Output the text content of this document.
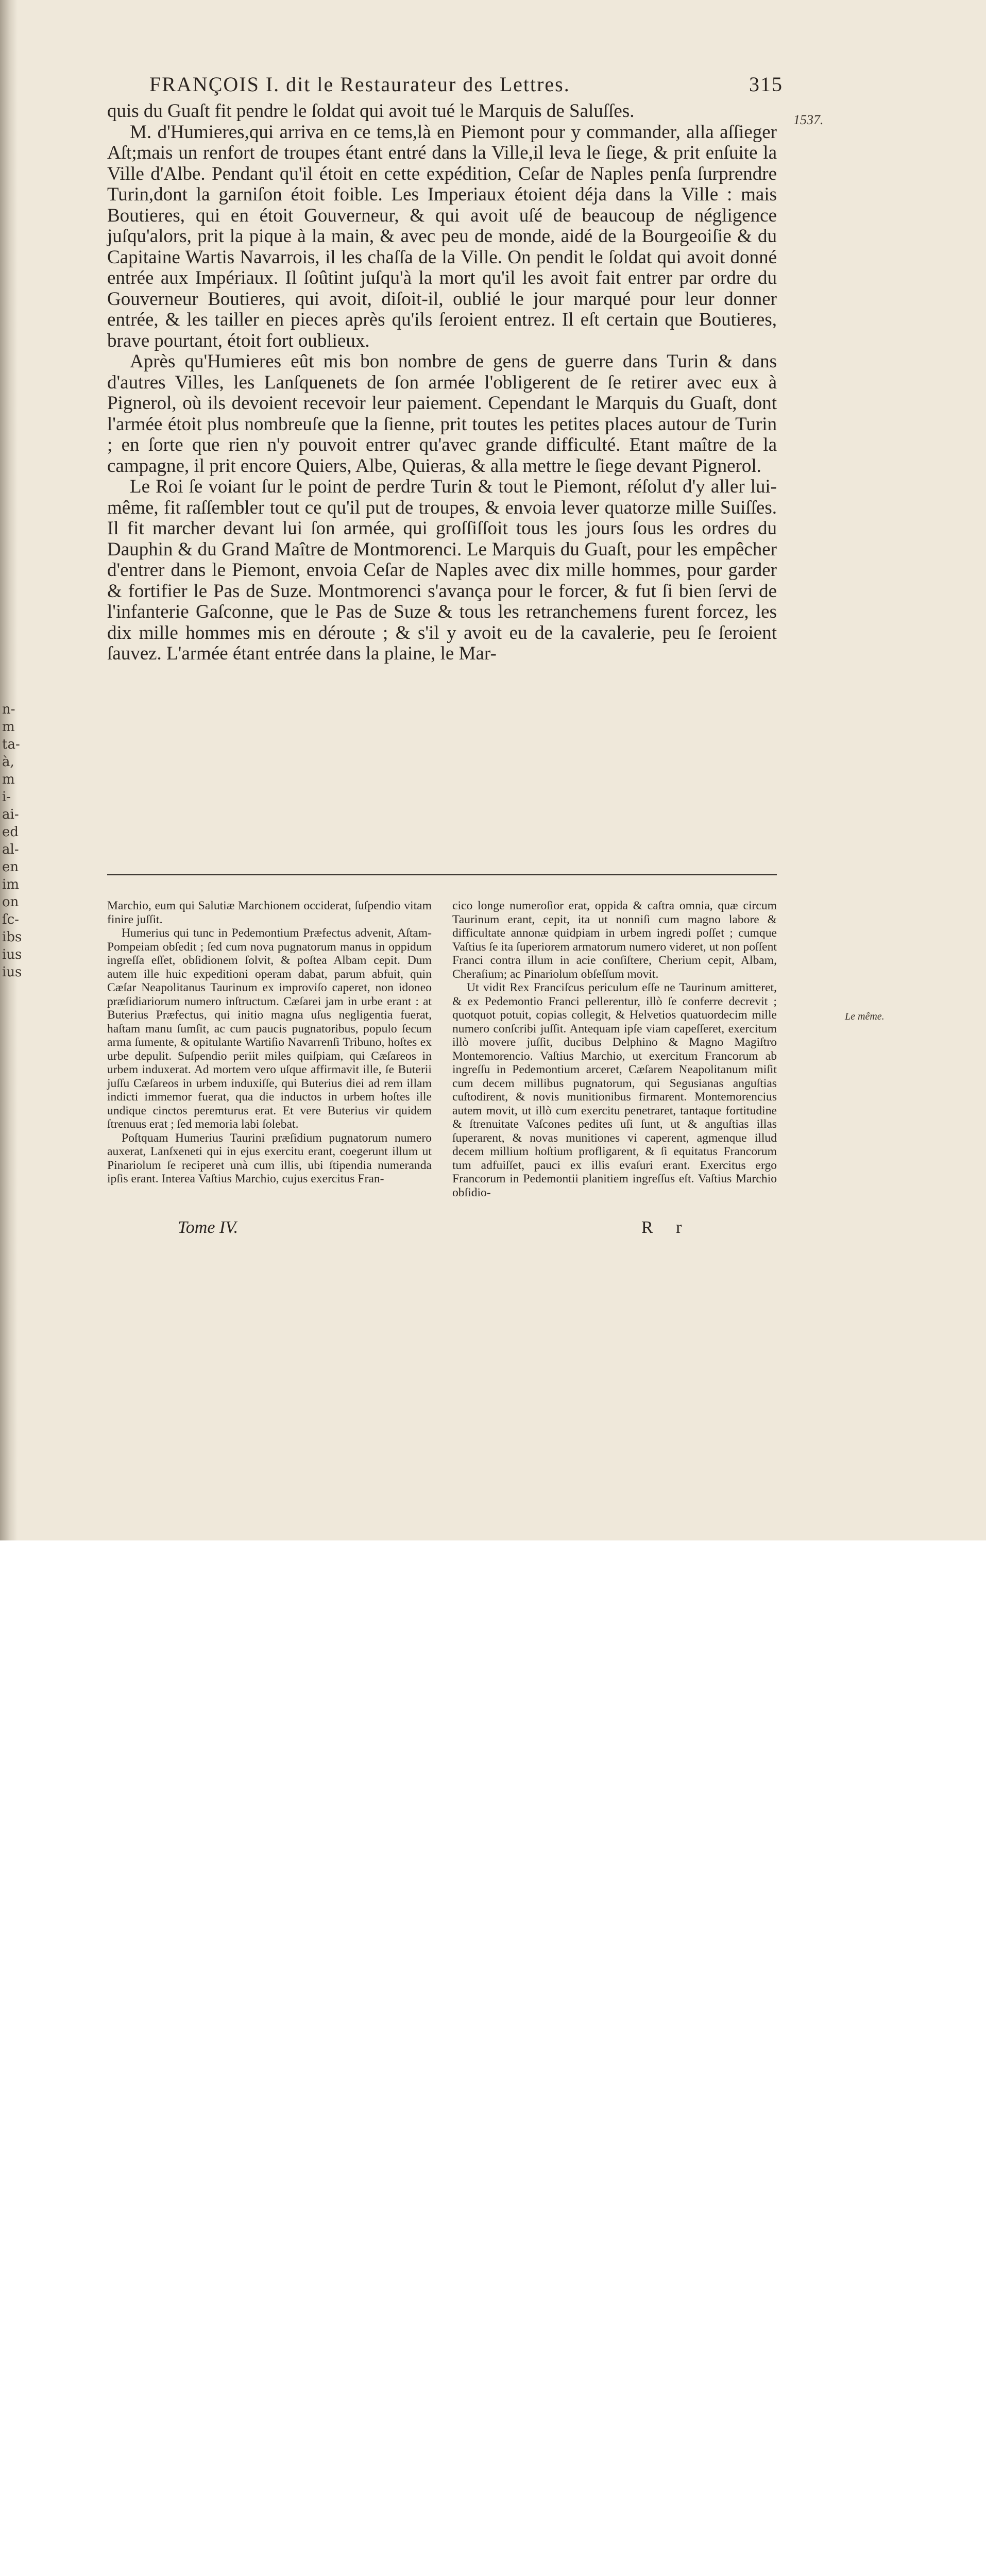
n-
m
ta-
à,
m
i-
ai-
ed
al-
en
im
on
ſc-
ibs
ius
ius
FRANÇOIS I. dit le Restaurateur des Lettres.	315
1537.

quis du Guaſt fit pendre le ſoldat qui avoit tué le Marquis de Saluſſes.

M. d'Humieres,qui arriva en ce tems,là en Piemont pour y commander, alla aſſieger Aſt;mais un renfort de troupes étant entré dans la Ville,il leva le ſiege, & prit enſuite la Ville d'Albe. Pendant qu'il étoit en cette expédition, Ceſar de Naples penſa ſurprendre Turin,dont la garniſon étoit foible. Les Imperiaux étoient déja dans la Ville : mais Boutieres, qui en étoit Gouverneur, & qui avoit uſé de beaucoup de négligence juſqu'alors, prit la pique à la main, & avec peu de monde, aidé de la Bourgeoiſie & du Capitaine Wartis Navarrois, il les chaſſa de la Ville. On pendit le ſoldat qui avoit donné entrée aux Impériaux. Il ſoûtint juſqu'à la mort qu'il les avoit fait entrer par ordre du Gouverneur Boutieres, qui avoit, diſoit-il, oublié le jour marqué pour leur donner entrée, & les tailler en pieces après qu'ils ſeroient entrez. Il eſt certain que Boutieres, brave pourtant, étoit fort oublieux.

Après qu'Humieres eût mis bon nombre de gens de guerre dans Turin & dans d'autres Villes, les Lanſquenets de ſon armée l'obligerent de ſe retirer avec eux à Pignerol, où ils devoient recevoir leur paiement. Cependant le Marquis du Guaſt, dont l'armée étoit plus nombreuſe que la ſienne, prit toutes les petites places autour de Turin ; en ſorte que rien n'y pouvoit entrer qu'avec grande difficulté. Etant maître de la campagne, il prit encore Quiers, Albe, Quieras, & alla mettre le ſiege devant Pignerol.

Le Roi ſe voiant ſur le point de perdre Turin & tout le Piemont, réſolut d'y aller lui-même, fit raſſembler tout ce qu'il put de troupes, & envoia lever quatorze mille Suiſſes. Il fit marcher devant lui ſon armée, qui groſſiſſoit tous les jours ſous les ordres du Dauphin & du Grand Maître de Montmorenci. Le Marquis du Guaſt, pour les empêcher d'entrer dans le Piemont, envoia Ceſar de Naples avec dix mille hommes, pour garder & fortifier le Pas de Suze. Montmorenci s'avança pour le forcer, & fut ſi bien ſervi de l'infanterie Gaſconne, que le Pas de Suze & tous les retranchemens furent forcez, les dix mille hommes mis en déroute ; & s'il y avoit eu de la cavalerie, peu ſe ſeroient ſauvez. L'armée étant entrée dans la plaine, le Mar-

Marchio, eum qui Salutiæ Marchionem occiderat, ſuſpendio vitam finire juſſit.

Humerius qui tunc in Pedemontium Præfectus advenit, Aſtam-Pompeiam obſedit ; ſed cum nova pugnatorum manus in oppidum ingreſſa eſſet, obſidionem ſolvit, & poſtea Albam cepit. Dum autem ille huic expeditioni operam dabat, parum abfuit, quin Cæſar Neapolitanus Taurinum ex improviſo caperet, non idoneo præſidiariorum numero inſtructum. Cæſarei jam in urbe erant : at Buterius Præfectus, qui initio magna uſus negligentia fuerat, haſtam manu ſumſit, ac cum paucis pugnatoribus, populo ſecum arma ſumente, & opitulante Wartiſio Navarrenſi Tribuno, hoſtes ex urbe depulit. Suſpendio periit miles quiſpiam, qui Cæſareos in urbem induxerat. Ad mortem vero uſque affirmavit ille, ſe Buterii juſſu Cæſareos in urbem induxiſſe, qui Buterius diei ad rem illam indicti immemor fuerat, qua die inductos in urbem hoſtes ille undique cinctos peremturus erat. Et vere Buterius vir quidem ſtrenuus erat ; ſed memoria labi ſolebat.

Poſtquam Humerius Taurini præſidium pugnatorum numero auxerat, Lanſxeneti qui in ejus exercitu erant, coegerunt illum ut Pinariolum ſe reciperet unà cum illis, ubi ſtipendia numeranda ipſis erant. Interea Vaſtius Marchio, cujus exercitus Fran-

cico longe numeroſior erat, oppida & caſtra omnia, quæ circum Taurinum erant, cepit, ita ut nonniſi cum magno labore & difficultate annonæ quidpiam in urbem ingredi poſſet ; cumque Vaſtius ſe ita ſuperiorem armatorum numero videret, ut non poſſent Franci contra illum in acie conſiſtere, Cherium cepit, Albam, Cheraſium; ac Pinariolum obſeſſum movit.

Ut vidit Rex Franciſcus periculum eſſe ne Taurinum amitteret, & ex Pedemontio Franci pellerentur, illò ſe conferre decrevit ; quotquot potuit, copias collegit, & Helvetios quatuordecim mille numero conſcribi juſſit. Antequam ipſe viam capeſſeret, exercitum illò movere juſſit, ducibus Delphino & Magno Magiſtro Montemorencio. Vaſtius Marchio, ut exercitum Francorum ab ingreſſu in Pedemontium arceret, Cæſarem Neapolitanum miſit cum decem millibus pugnatorum, qui Segusianas anguſtias cuſtodirent, & novis munitionibus firmarent. Montemorencius autem movit, ut illò cum exercitu penetraret, tantaque fortitudine & ſtrenuitate Vaſcones pedites uſi ſunt, ut & anguſtias illas ſuperarent, & novas munitiones vi caperent, agmenque illud decem millium hoſtium profligarent, & ſi equitatus Francorum tum adfuiſſet, pauci ex illis evaſuri erant. Exercitus ergo Francorum in Pedemontii planitiem ingreſſus eſt. Vaſtius Marchio obſidio-

Le même.
Tome IV.	R r
